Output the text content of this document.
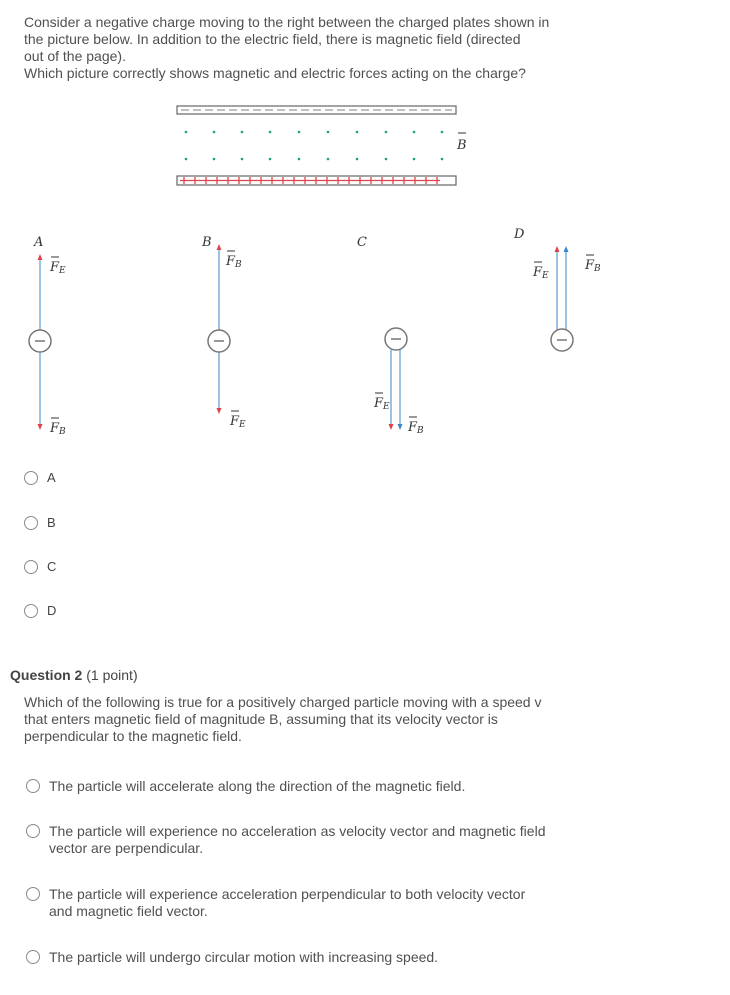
Consider a negative charge moving to the right between the charged plates shown in

the picture below. In addition to the electric field, there is magnetic field (directed

out of the page).

Which picture correctly shows magnetic and electric forces acting on the charge?

B
A
FE
FB
B
FB
FE
C
FE
FB
D
FE
FB
A
B
C
D
Question 2 (1 point)
Which of the following is true for a positively charged particle moving with a speed v
that enters magnetic field of magnitude B, assuming that its velocity vector is
perpendicular to the magnetic field.
The particle will accelerate along the direction of the magnetic field.
The particle will experience no acceleration as velocity vector and magnetic field
vector are perpendicular.
The particle will experience acceleration perpendicular to both velocity vector
and magnetic field vector.
The particle will undergo circular motion with increasing speed.
